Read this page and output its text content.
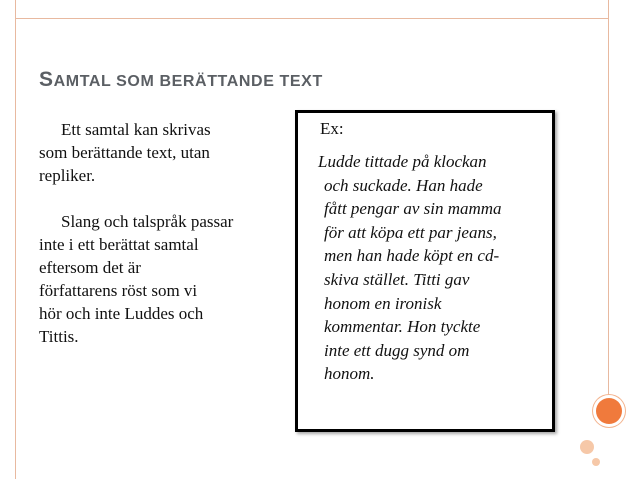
SAMTAL SOM BERÄTTANDE TEXT

Ett samtal kan skrivas
som berättande text, utan
repliker.

Slang och talspråk passar
inte i ett berättat samtal
eftersom det är
författarens röst som vi
hör och inte Luddes och
Tittis.

Ex:

Ludde tittade på klockan

och suckade. Han hade

fått pengar av sin mamma

för att köpa ett par jeans,

men han hade köpt en cd-

skiva stället. Titti gav

honom en ironisk

kommentar. Hon tyckte

inte ett dugg synd om

honom.
